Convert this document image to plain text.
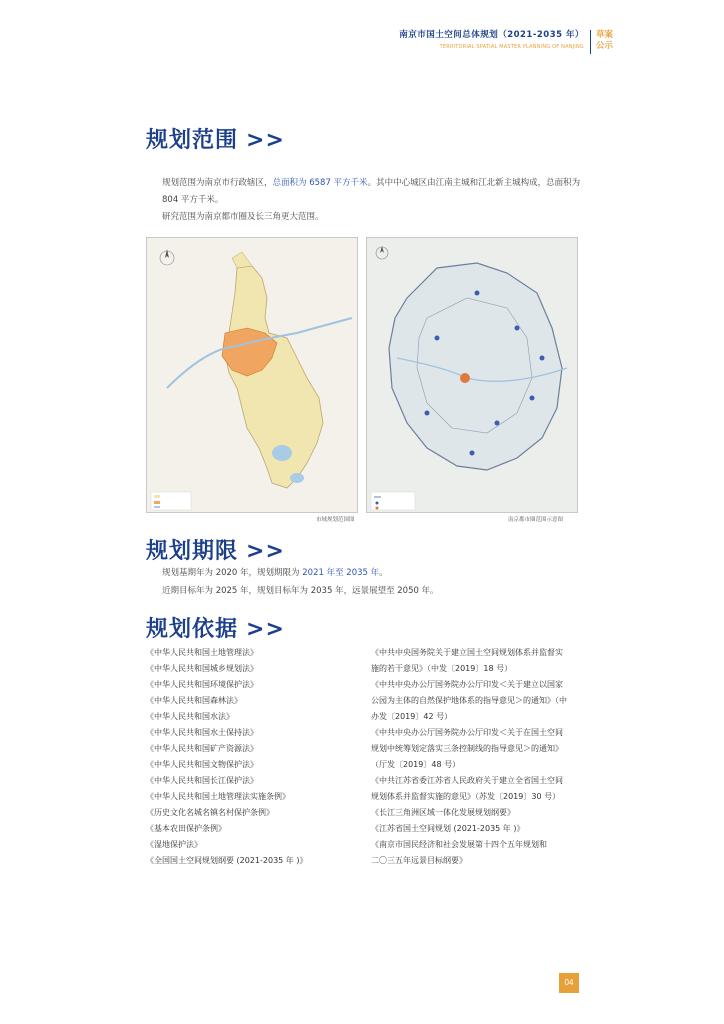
南京市国土空间总体规划（2021-2035 年）
TERRITORIAL SPATIAL MASTER PLANNING OF NANJING
草案公示
规划范围 >>
规划范围为南京市行政辖区，总面积为 6587 平方千米。其中中心城区由江南主城和江北新主城构成，总面积为 804 平方千米。
研究范围为南京都市圈及长三角更大范围。
市域规划范围图	南京都市圈范围示意图
规划期限 >>
规划基期年为 2020 年，规划期限为 2021 年至 2035 年。
近期目标年为 2025 年，规划目标年为 2035 年，远景展望至 2050 年。
规划依据 >>
《中华人民共和国土地管理法》
《中华人民共和国城乡规划法》
《中华人民共和国环境保护法》
《中华人民共和国森林法》
《中华人民共和国水法》
《中华人民共和国水土保持法》
《中华人民共和国矿产资源法》
《中华人民共和国文物保护法》
《中华人民共和国长江保护法》
《中华人民共和国土地管理法实施条例》
《历史文化名城名镇名村保护条例》
《基本农田保护条例》
《湿地保护法》
《全国国土空间规划纲要 (2021-2035 年 )》
《中共中央国务院关于建立国土空间规划体系并监督实
施的若干意见》（中发〔2019〕18 号）
《中共中央办公厅国务院办公厅印发＜关于建立以国家
公园为主体的自然保护地体系的指导意见＞的通知》（中
办发〔2019〕42 号）
《中共中央办公厅国务院办公厅印发＜关于在国土空间
规划中统筹划定落实三条控制线的指导意见＞的通知》
（厅发〔2019〕48 号）
《中共江苏省委江苏省人民政府关于建立全省国土空间
规划体系并监督实施的意见》（苏发〔2019〕30 号）
《长江三角洲区域一体化发展规划纲要》
《江苏省国土空间规划 (2021-2035 年 )》
《南京市国民经济和社会发展第十四个五年规划和
二〇三五年远景目标纲要》
04
